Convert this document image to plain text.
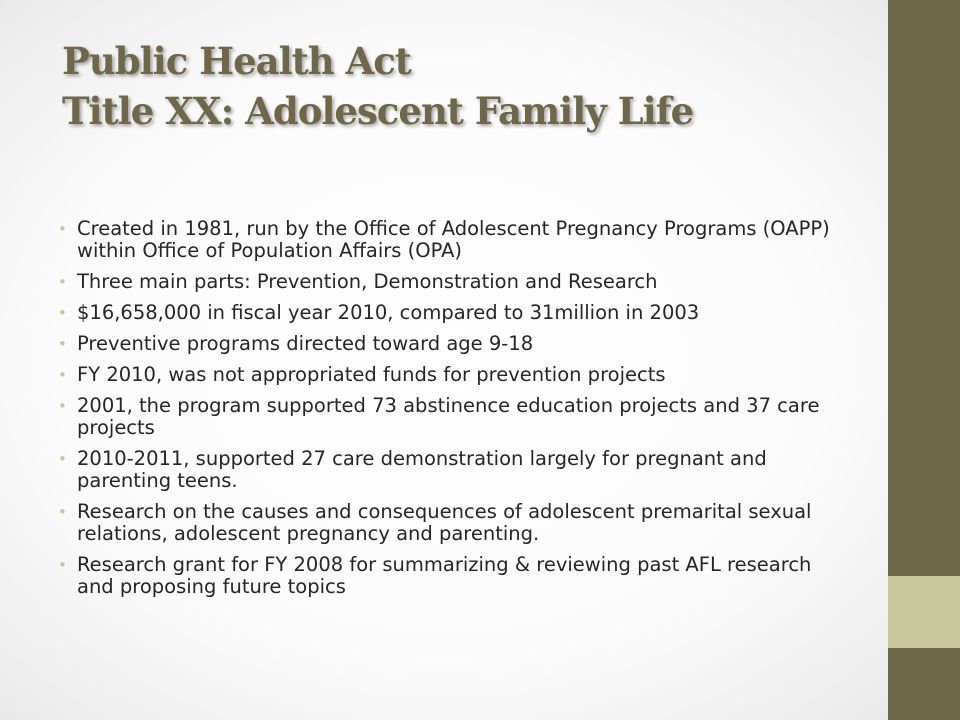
Public Health Act
Title XX: Adolescent Family Life
• Created in 1981, run by the Office of Adolescent Pregnancy Programs (OAPP) within Office of Population Affairs (OPA)
• Three main parts: Prevention, Demonstration and Research
• $16,658,000 in fiscal year 2010, compared to 31million in 2003
• Preventive programs directed toward age 9-18
• FY 2010, was not appropriated funds for prevention projects
• 2001, the program supported 73 abstinence education projects and 37 care projects
• 2010-2011, supported 27 care demonstration largely for pregnant and parenting teens.
• Research on the causes and consequences of adolescent premarital sexual relations, adolescent pregnancy and parenting.
• Research grant for FY 2008 for summarizing & reviewing past AFL research and proposing future topics
